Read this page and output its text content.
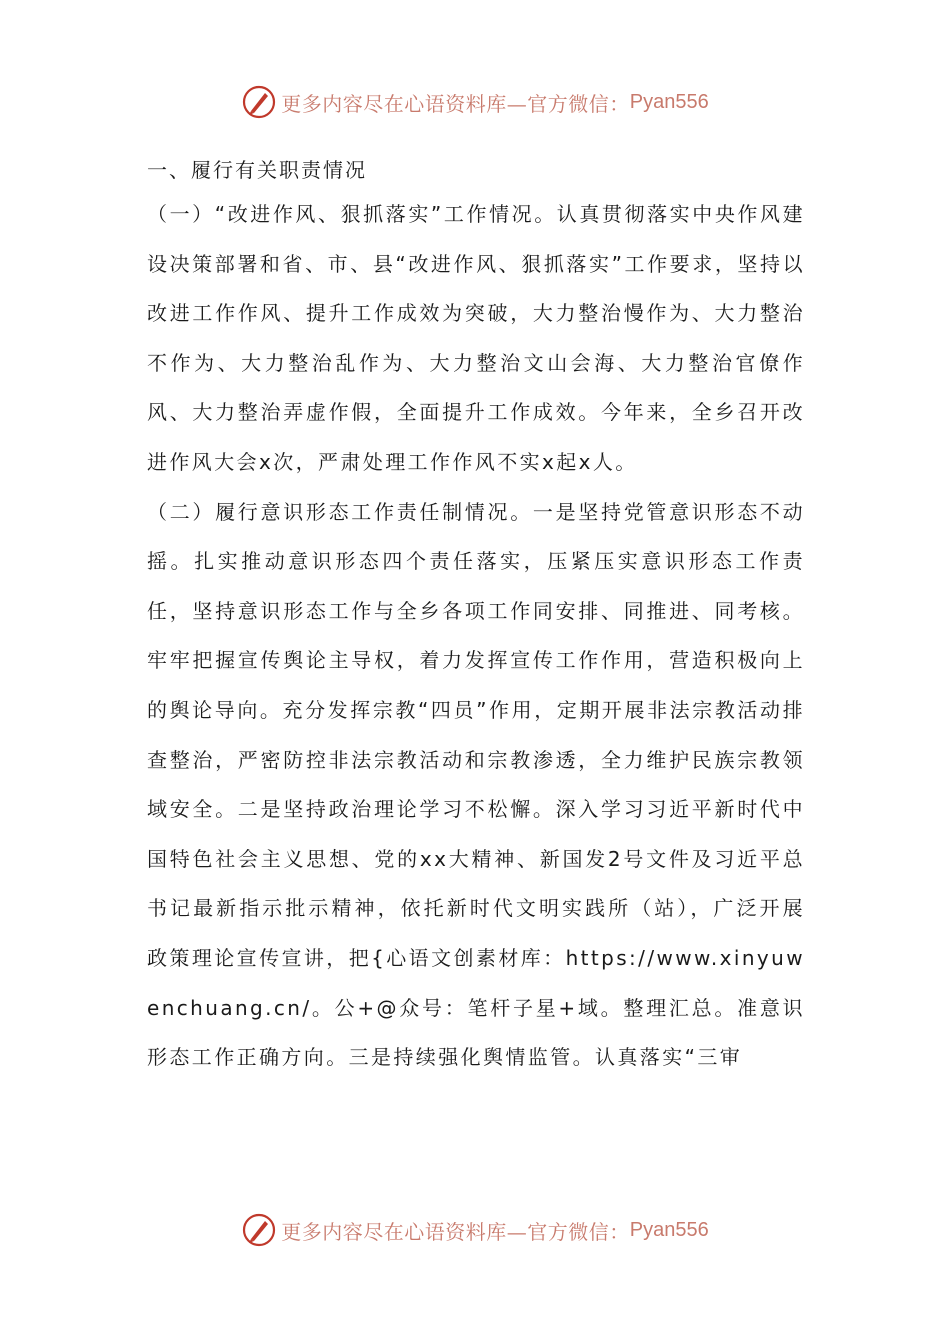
更多内容尽在心语资料库—官方微信： Pyan556

一、履行有关职责情况

（一）“改进作风、狠抓落实”工作情况。认真贯彻落实中央作风建设决策部署和省、市、县“改进作风、狠抓落实”工作要求，坚持以改进工作作风、提升工作成效为突破，大力整治慢作为、大力整治不作为、大力整治乱作为、大力整治文山会海、大力整治官僚作风、大力整治弄虚作假，全面提升工作成效。今年来，全乡召开改进作风大会x次，严肃处理工作作风不实x起x人。

（二）履行意识形态工作责任制情况。一是坚持党管意识形态不动摇。扎实推动意识形态四个责任落实，压紧压实意识形态工作责任，坚持意识形态工作与全乡各项工作同安排、同推进、同考核。牢牢把握宣传舆论主导权，着力发挥宣传工作作用，营造积极向上的舆论导向。充分发挥宗教“四员”作用，定期开展非法宗教活动排查整治，严密防控非法宗教活动和宗教渗透，全力维护民族宗教领域安全。二是坚持政治理论学习不松懈。深入学习习近平新时代中国特色社会主义思想、党的xx大精神、新国发2号文件及习近平总书记最新指示批示精神，依托新时代文明实践所（站），广泛开展政策理论宣传宣讲，把{心语文创素材库：https://www.xinyuwenchuang.cn/。公+@众号：笔杆子星+域。整理汇总。准意识形态工作正确方向。三是持续强化舆情监管。认真落实“三审

更多内容尽在心语资料库—官方微信： Pyan556
